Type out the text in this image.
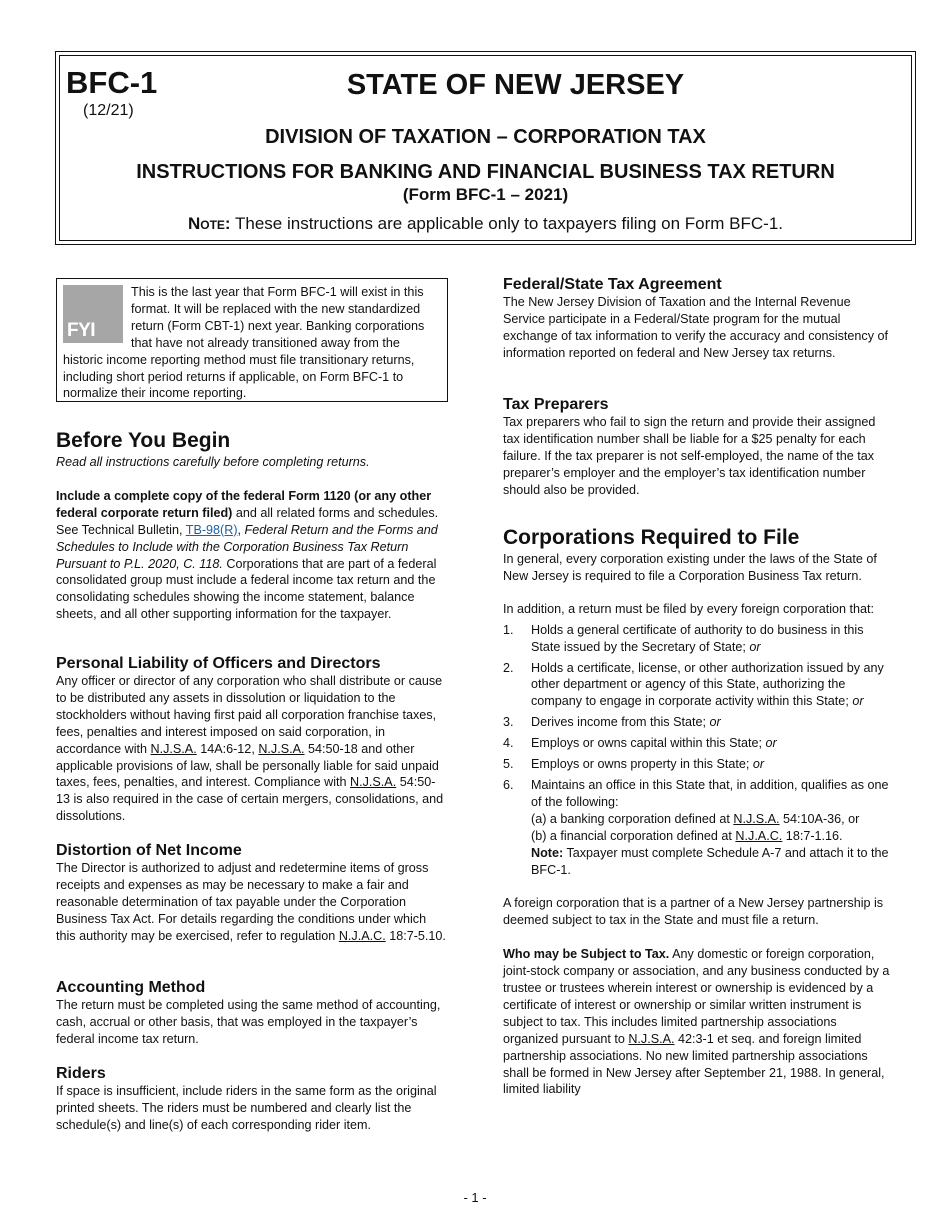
BFC-1
(12/21)
STATE OF NEW JERSEY
DIVISION OF TAXATION – CORPORATION TAX
INSTRUCTIONS FOR BANKING AND FINANCIAL BUSINESS TAX RETURN
(Form BFC-1 – 2021)
Note: These instructions are applicable only to taxpayers filing on Form BFC-1.
FYI
This is the last year that Form BFC-1 will exist in this format. It will be replaced with the new standardized return (Form CBT-1) next year. Banking corporations that have not already transitioned away from the historic income reporting method must file transitionary returns, including short period returns if applicable, on Form BFC-1 to normalize their income reporting.
Before You Begin

Read all instructions carefully before completing returns.

Include a complete copy of the federal Form 1120 (or any other federal corporate return filed) and all related forms and schedules. See Technical Bulletin, TB-98(R), Federal Return and the Forms and Schedules to Include with the Corporation Business Tax Return Pursuant to P.L. 2020, C. 118. Corporations that are part of a federal consolidated group must include a federal income tax return and the consolidating schedules showing the income statement, balance sheets, and all other supporting information for the taxpayer.

Personal Liability of Officers and Directors

Any officer or director of any corporation who shall distribute or cause to be distributed any assets in dissolution or liquidation to the stockholders without having first paid all corporation franchise taxes, fees, penalties and interest imposed on said corporation, in accordance with N.J.S.A. 14A:6-12, N.J.S.A. 54:50-18 and other applicable provisions of law, shall be personally liable for said unpaid taxes, fees, penalties, and interest. Compliance with N.J.S.A. 54:50-13 is also required in the case of certain mergers, consolidations, and dissolutions.

Distortion of Net Income

The Director is authorized to adjust and redetermine items of gross receipts and expenses as may be necessary to make a fair and reasonable determination of tax payable under the Corporation Business Tax Act. For details regarding the conditions under which this authority may be exercised, refer to regulation N.J.A.C. 18:7-5.10.

Accounting Method

The return must be completed using the same method of accounting, cash, accrual or other basis, that was employed in the taxpayer’s federal income tax return.

Riders

If space is insufficient, include riders in the same form as the original printed sheets. The riders must be numbered and clearly list the schedule(s) and line(s) of each corresponding rider item.

Federal/State Tax Agreement

The New Jersey Division of Taxation and the Internal Revenue Service participate in a Federal/State program for the mutual exchange of tax information to verify the accuracy and consistency of information reported on federal and New Jersey tax returns.

Tax Preparers

Tax preparers who fail to sign the return and provide their assigned tax identification number shall be liable for a $25 penalty for each failure. If the tax preparer is not self-employed, the name of the tax preparer’s employer and the employer’s tax identification number should also be provided.

Corporations Required to File

In general, every corporation existing under the laws of the State of New Jersey is required to file a Corporation Business Tax return.

In addition, a return must be filed by every foreign corporation that:

1. Holds a general certificate of authority to do business in this State issued by the Secretary of State; or
2. Holds a certificate, license, or other authorization issued by any other department or agency of this State, authorizing the company to engage in corporate activity within this State; or
3. Derives income from this State; or
4. Employs or owns capital within this State; or
5. Employs or owns property in this State; or
6. Maintains an office in this State that, in addition, qualifies as one of the following:
(a) a banking corporation defined at N.J.S.A. 54:10A-36, or
(b) a financial corporation defined at N.J.A.C. 18:7-1.16.
Note: Taxpayer must complete Schedule A-7 and attach it to the BFC-1.

A foreign corporation that is a partner of a New Jersey partnership is deemed subject to tax in the State and must file a return.

Who may be Subject to Tax. Any domestic or foreign corporation, joint-stock company or association, and any business conducted by a trustee or trustees wherein interest or ownership is evidenced by a certificate of interest or ownership or similar written instrument is subject to tax. This includes limited partnership associations organized pursuant to N.J.S.A. 42:3-1 et seq. and foreign limited partnership associations. No new limited partnership associations shall be formed in New Jersey after September 21, 1988. In general, limited liability

- 1 -
